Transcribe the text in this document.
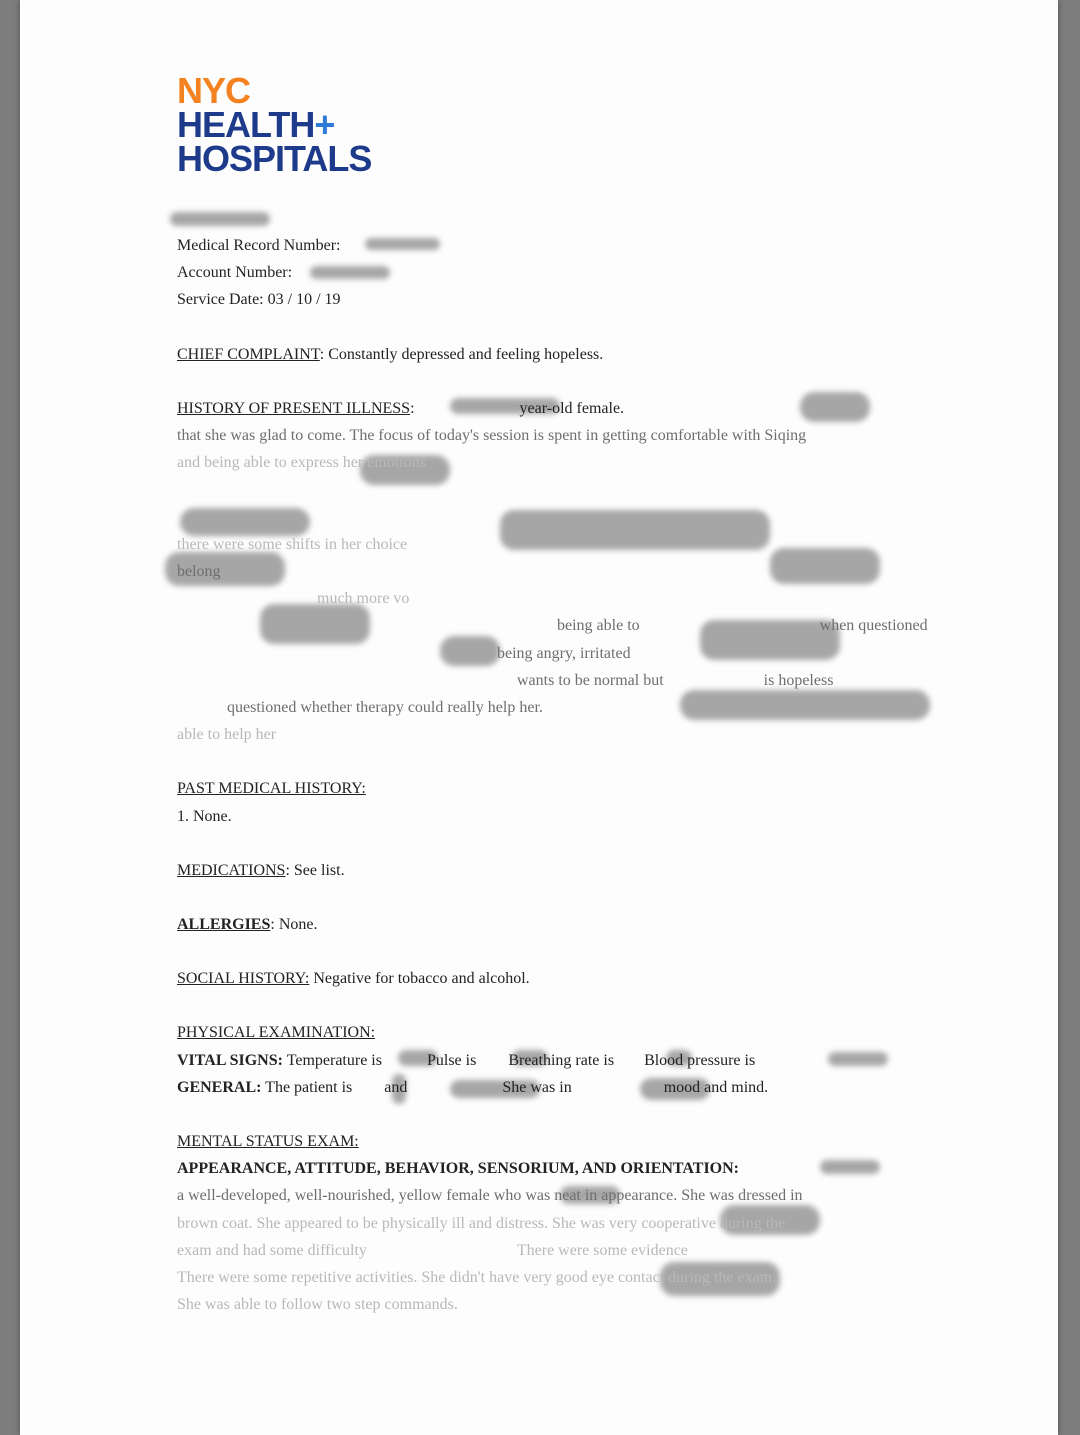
NYC
HEALTH+
HOSPITALS
Medical Record Number:
Account Number:
Service Date: 03 / 10 / 19
CHIEF COMPLAINT: Constantly depressed and feeling hopeless.
HISTORY OF PRESENT ILLNESS:	year-old female.
that she was glad to come. The focus of today's session is spent in getting comfortable with Siqing
and being able to express her emotions

there were some shifts in her choice
belong
much more vo
being able to	when questioned
being angry, irritated
wants to be normal but	is hopeless
questioned whether therapy could really help her.
able to help her
PAST MEDICAL HISTORY:
1. None.
MEDICATIONS: See list.
ALLERGIES: None.
SOCIAL HISTORY: Negative for tobacco and alcohol.
PHYSICAL EXAMINATION:
VITAL SIGNS: Temperature is	Pulse is Breathing rate is Blood pressure is
GENERAL: The patient is and	She was in	mood and mind.
MENTAL STATUS EXAM:
APPEARANCE, ATTITUDE, BEHAVIOR, SENSORIUM, AND ORIENTATION:
a well-developed, well-nourished, yellow female who was neat in appearance. She was dressed in
brown coat. She appeared to be physically ill and distress. She was very cooperative during the
exam and had some difficulty	There were some evidence
There were some repetitive activities. She didn't have very good eye contact during the exam.
She was able to follow two step commands.
